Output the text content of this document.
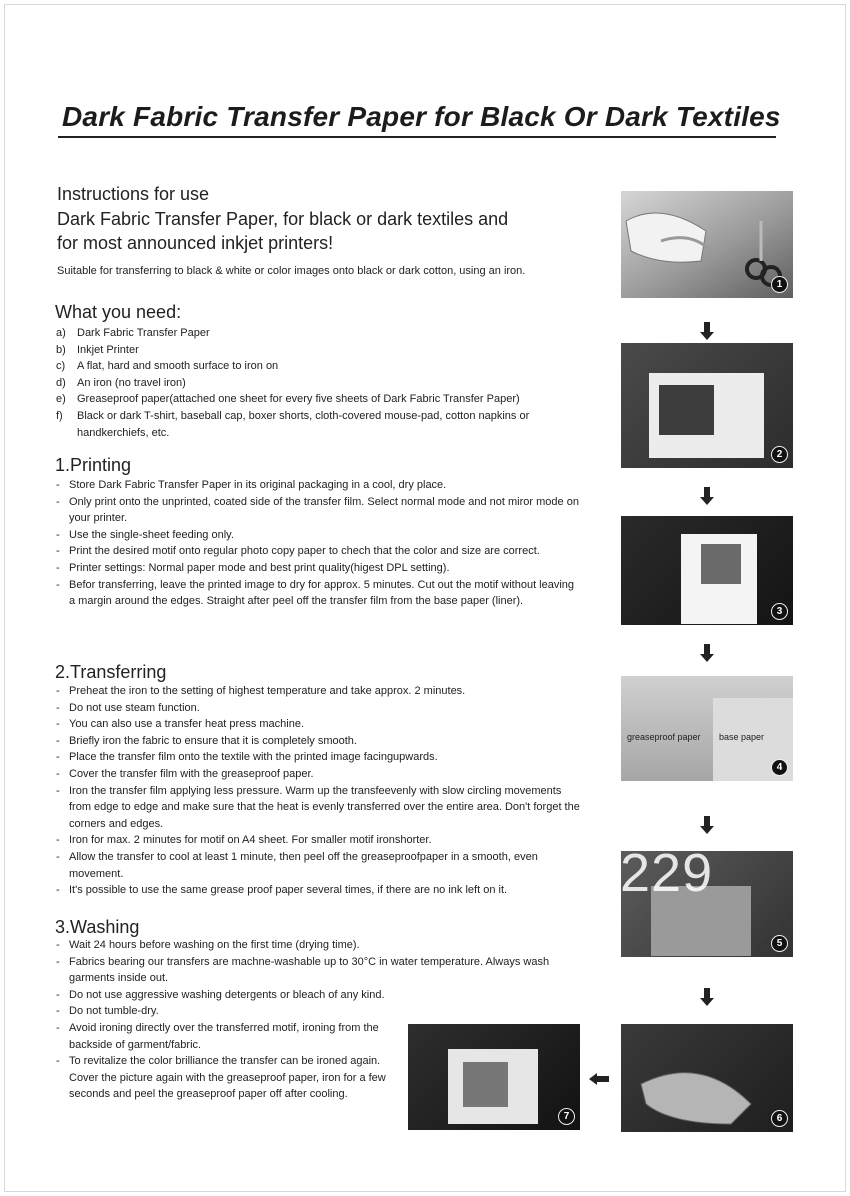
Dark Fabric Transfer Paper for Black Or Dark Textiles
Instructions for use
Dark Fabric Transfer Paper, for black or dark textiles and
for most announced inkjet printers!
Suitable for transferring to black & white or color images onto black or dark cotton, using an iron.
What you need:
a) Dark Fabric Transfer Paper
b) Inkjet Printer
c) A flat, hard and smooth surface to iron on
d) An iron (no travel iron)
e) Greaseproof paper(attached one sheet for every five sheets of Dark Fabric Transfer Paper)
f) Black or dark T-shirt, baseball cap, boxer shorts, cloth-covered mouse-pad, cotton napkins or handkerchiefs, etc.
1.Printing
- Store Dark Fabric Transfer Paper in its original packaging in a cool, dry place.
- Only print onto the unprinted, coated side of the transfer film. Select normal mode and not miror mode on your printer.
- Use the single-sheet feeding only.
- Print the desired motif onto regular photo copy paper to chech that the color and size are correct.
- Printer settings: Normal paper mode and best print quality(higest DPL setting).
- Befor transferring, leave the printed image to dry for approx. 5 minutes. Cut out the motif without leaving a margin around the edges. Straight after peel off the transfer film from the base paper (liner).
2.Transferring
- Preheat the iron to the setting of highest temperature and take approx. 2 minutes.
- Do not use steam function.
- You can also use a transfer heat press machine.
- Briefly iron the fabric to ensure that it is completely smooth.
- Place the transfer film onto the textile with the printed image facingupwards.
- Cover the transfer film with the greaseproof paper.
- Iron the transfer film applying less pressure. Warm up the transfeevenly with slow circling movements from edge to edge and make sure that the heat is evenly transferred over the entire area. Don't forget the corners and edges.
- Iron for max. 2 minutes for motif on A4 sheet. For smaller motif ironshorter.
- Allow the transfer to cool at least 1 minute, then peel off the greaseproofpaper in a smooth, even movement.
- It's possible to use the same grease proof paper several times, if there are no ink left on it.
3.Washing
- Wait 24 hours before washing on the first time (drying time).
- Fabrics bearing our transfers are machne-washable up to 30°C in water temperature. Always wash garments inside out.
- Do not use aggressive washing detergents or bleach of any kind.
- Do not tumble-dry.
- Avoid ironing directly over the transferred motif, ironing from the backside of garment/fabric.
- To revitalize the color brilliance the transfer can be ironed again. Cover the picture again with the greaseproof paper, iron for a few seconds and peel the greaseproof paper off after cooling.
1
2
3
4
greaseproof paper base paper
5
229
6
7
